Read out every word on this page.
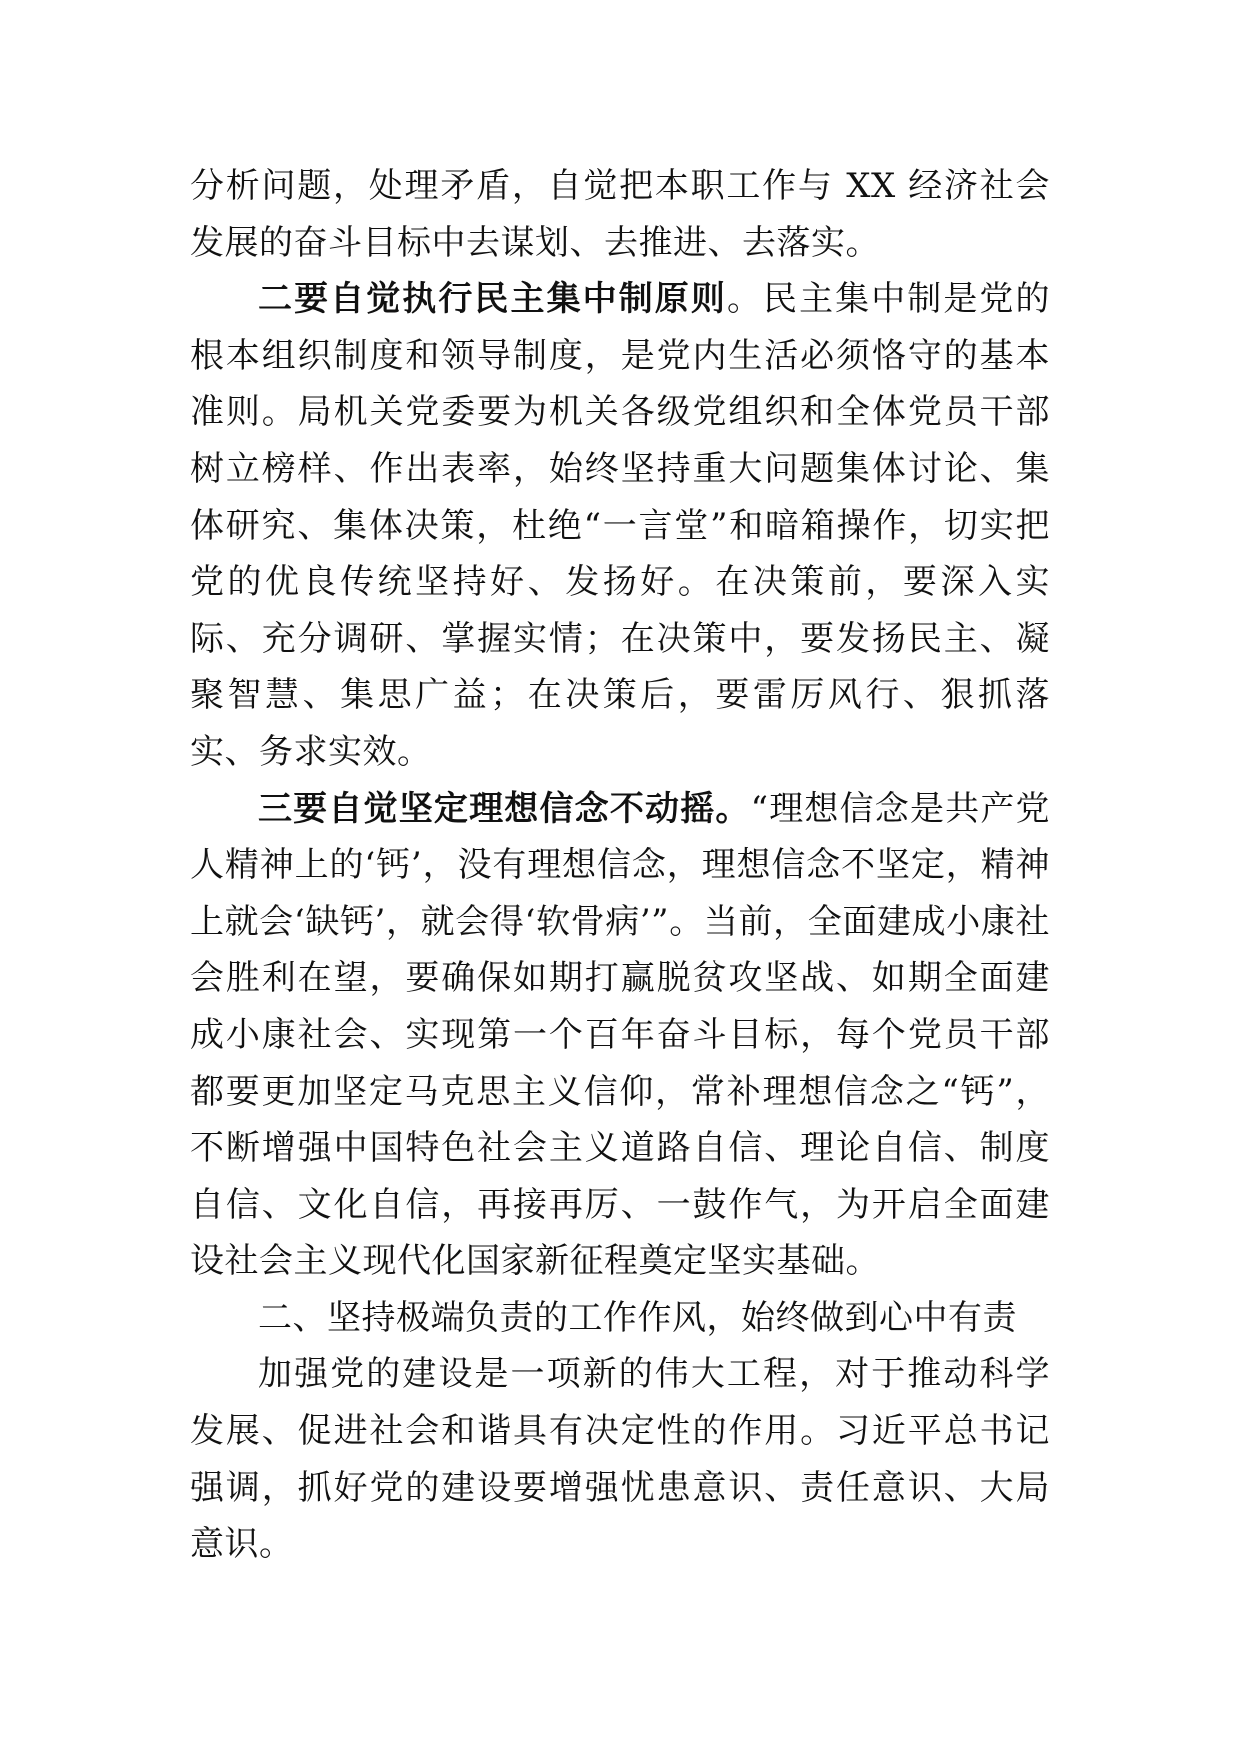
分析问题，处理矛盾，自觉把本职工作与 XX 经济社会发展的奋斗目标中去谋划、去推进、去落实。

二要自觉执行民主集中制原则。民主集中制是党的根本组织制度和领导制度，是党内生活必须恪守的基本准则。局机关党委要为机关各级党组织和全体党员干部树立榜样、作出表率，始终坚持重大问题集体讨论、集体研究、集体决策，杜绝“一言堂”和暗箱操作，切实把党的优良传统坚持好、发扬好。在决策前，要深入实际、充分调研、掌握实情；在决策中，要发扬民主、凝聚智慧、集思广益；在决策后，要雷厉风行、狠抓落实、务求实效。

三要自觉坚定理想信念不动摇。“理想信念是共产党人精神上的‘钙’，没有理想信念，理想信念不坚定，精神上就会‘缺钙’，就会得‘软骨病’”。当前，全面建成小康社会胜利在望，要确保如期打赢脱贫攻坚战、如期全面建成小康社会、实现第一个百年奋斗目标，每个党员干部都要更加坚定马克思主义信仰，常补理想信念之“钙”，不断增强中国特色社会主义道路自信、理论自信、制度自信、文化自信，再接再厉、一鼓作气，为开启全面建设社会主义现代化国家新征程奠定坚实基础。

二、坚持极端负责的工作作风，始终做到心中有责

加强党的建设是一项新的伟大工程，对于推动科学发展、促进社会和谐具有决定性的作用。习近平总书记强调，抓好党的建设要增强忧患意识、责任意识、大局意识。
